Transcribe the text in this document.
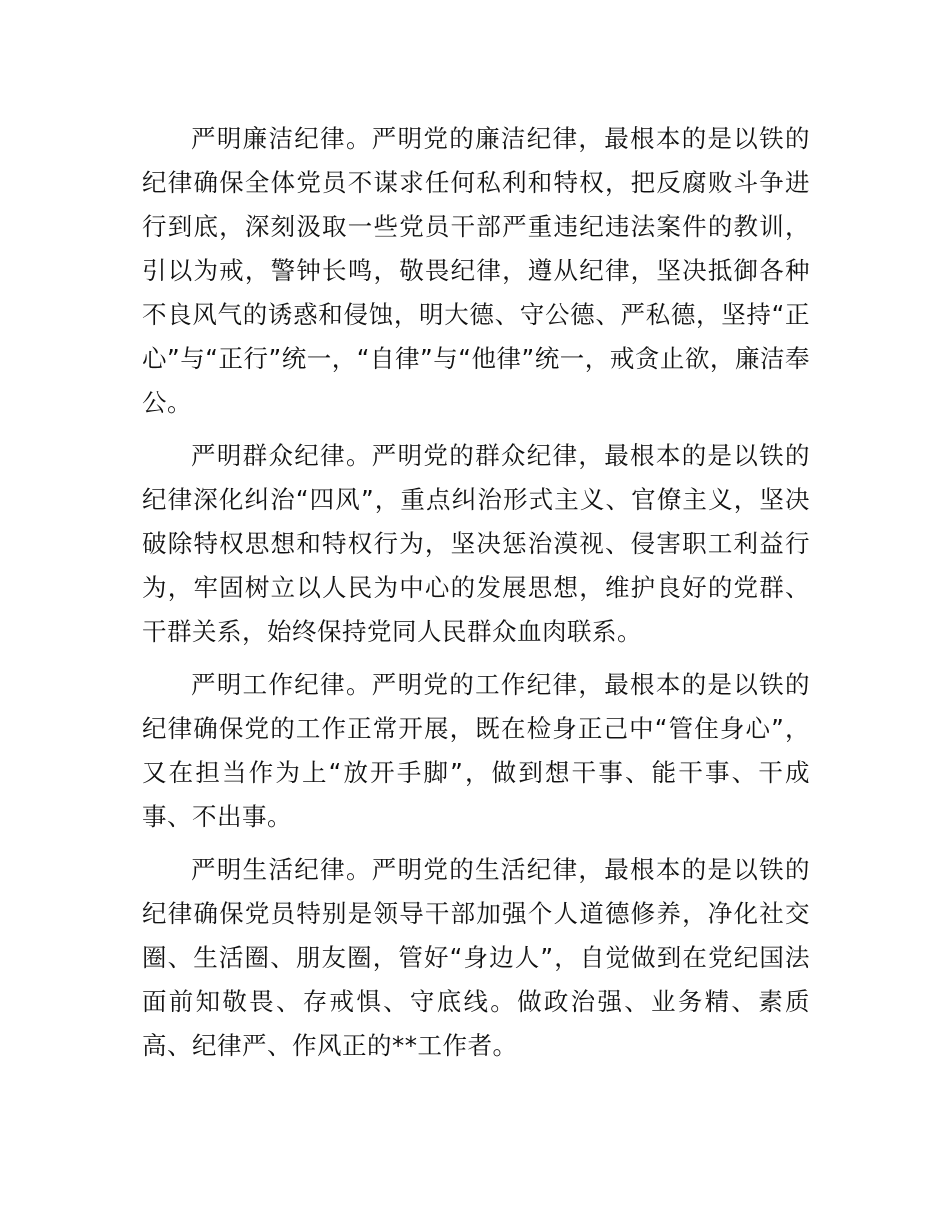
严明廉洁纪律。严明党的廉洁纪律，最根本的是以铁的纪律确保全体党员不谋求任何私利和特权，把反腐败斗争进行到底，深刻汲取一些党员干部严重违纪违法案件的教训，引以为戒，警钟长鸣，敬畏纪律，遵从纪律，坚决抵御各种不良风气的诱惑和侵蚀，明大德、守公德、严私德，坚持“正心”与“正行”统一，“自律”与“他律”统一，戒贪止欲，廉洁奉公。

严明群众纪律。严明党的群众纪律，最根本的是以铁的纪律深化纠治“四风”，重点纠治形式主义、官僚主义，坚决破除特权思想和特权行为，坚决惩治漠视、侵害职工利益行为，牢固树立以人民为中心的发展思想，维护良好的党群、干群关系，始终保持党同人民群众血肉联系。

严明工作纪律。严明党的工作纪律，最根本的是以铁的纪律确保党的工作正常开展，既在检身正己中“管住身心”，又在担当作为上“放开手脚”，做到想干事、能干事、干成事、不出事。

严明生活纪律。严明党的生活纪律，最根本的是以铁的纪律确保党员特别是领导干部加强个人道德修养，净化社交圈、生活圈、朋友圈，管好“身边人”，自觉做到在党纪国法面前知敬畏、存戒惧、守底线。做政治强、业务精、素质高、纪律严、作风正的**工作者。
